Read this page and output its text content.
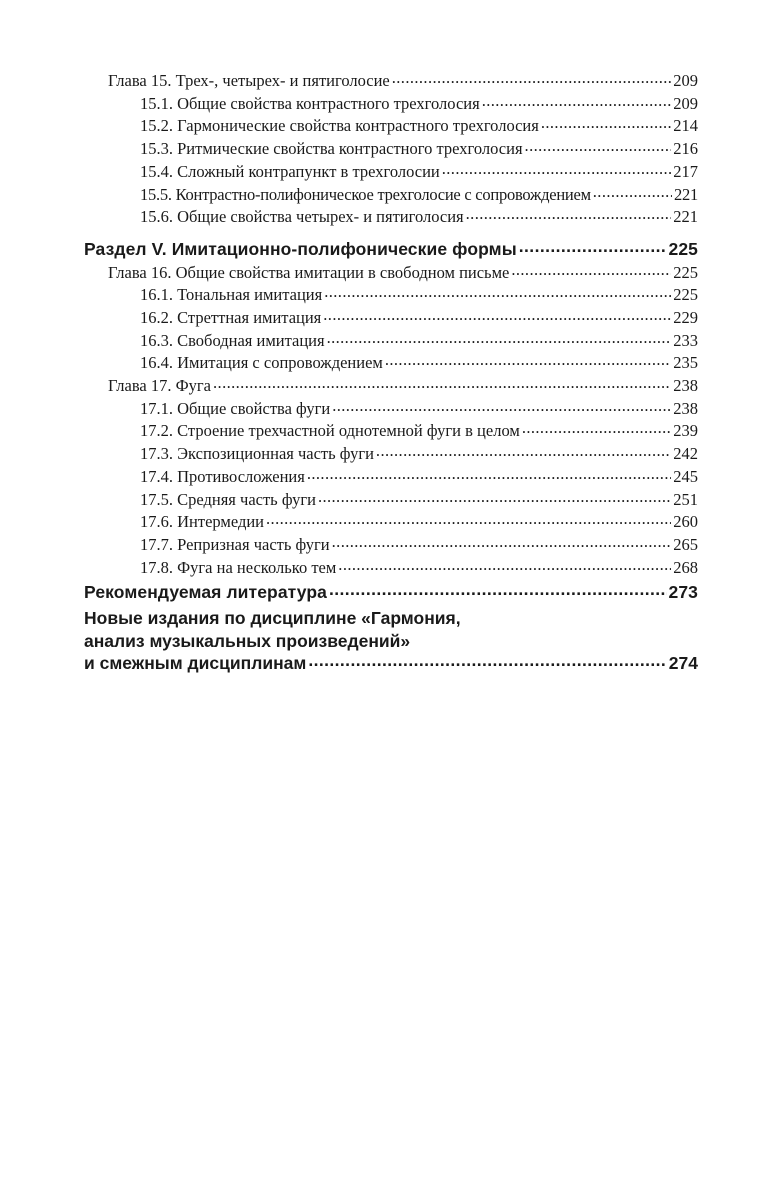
Глава 15. Трех-, четырех- и пятиголосие .....	209
15.1. Общие свойства контрастного трехголосия .....	209
15.2. Гармонические свойства контрастного трехголосия .....	214
15.3. Ритмические свойства контрастного трехголосия .....	216
15.4. Сложный контрапункт в трехголосии .....	217
15.5. Контрастно-полифоническое трехголосие с сопровождением .....	221
15.6. Общие свойства четырех- и пятиголосия .....	221
Раздел V. Имитационно-полифонические формы .....	225
Глава 16. Общие свойства имитации в свободном письме .....	225
16.1. Тональная имитация .....	225
16.2. Стреттная имитация .....	229
16.3. Свободная имитация .....	233
16.4. Имитация с сопровождением .....	235
Глава 17. Фуга .....	238
17.1. Общие свойства фуги .....	238
17.2. Строение трехчастной однотемной фуги в целом .....	239
17.3. Экспозиционная часть фуги .....	242
17.4. Противосложения .....	245
17.5. Средняя часть фуги .....	251
17.6. Интермедии .....	260
17.7. Репризная часть фуги .....	265
17.8. Фуга на несколько тем .....	268
Рекомендуемая литература .....	273
Новые издания по дисциплине «Гармония,
анализ музыкальных произведений»
и смежным дисциплинам .....	274
